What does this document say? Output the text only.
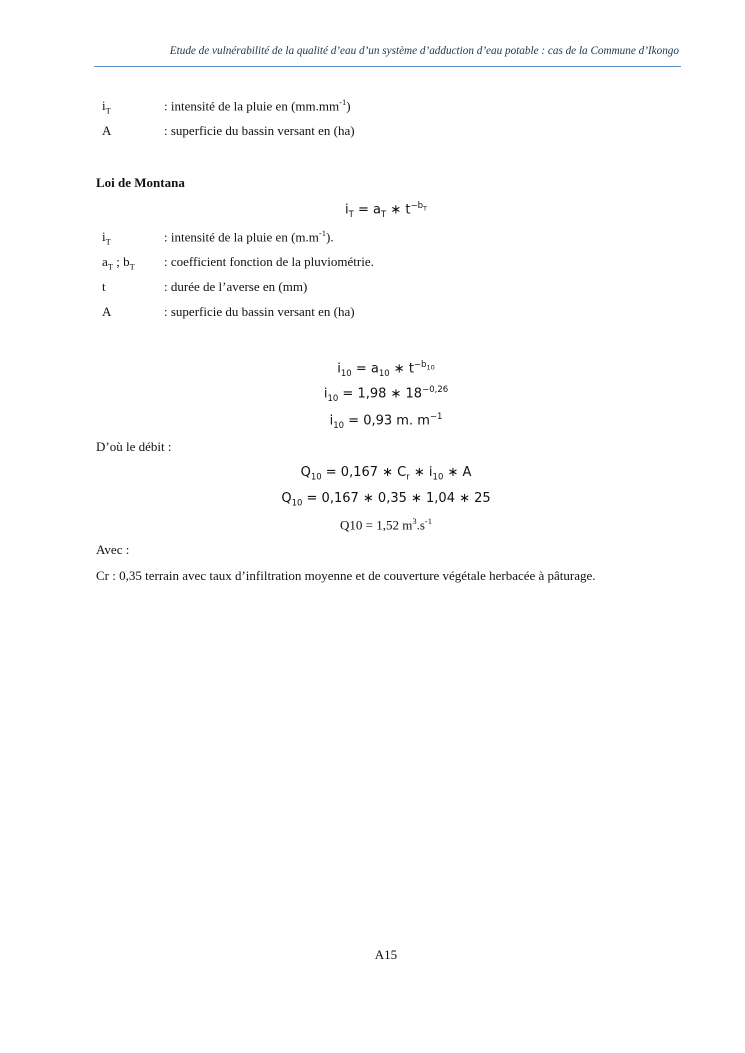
Etude de vulnérabilité de la qualité d’eau d’un système d’adduction d’eau potable : cas de la Commune d’Ikongo
$i_T$	: intensité de la pluie en $(mm.mm^{-1})$
A	: superficie du bassin versant en (ha)
Loi de Montana
$i_T = a_T$ ∗ $t^{-b_T}$
$i_T$	: intensité de la pluie en $(m.m^{-1})$.
$a_T$ ; $b_T$ : coefficient fonction de la pluviométrie.
t	: durée de l’averse en (mm)
A	: superficie du bassin versant en (ha)
$i_{10} = a_{10}$ ∗ $t^{-b_{10}}$
$i_{10} = 1,98$ ∗ $18^{-0,26}$
$i_{10} = 0,93$ m. $m^{-1}$
D’où le débit :
$Q_{10} = 0,167$ ∗ $C_r$ ∗ $i_{10}$ ∗ A
$Q_{10} = 0,167$ ∗ 0,35 ∗ 1,04 ∗ 25
Q10 = 1,52 $m^3.s^{-1}$
Avec :
Cr : 0,35 terrain avec taux d’infiltration moyenne et de couverture végétale herbacée à pâturage.
A15
